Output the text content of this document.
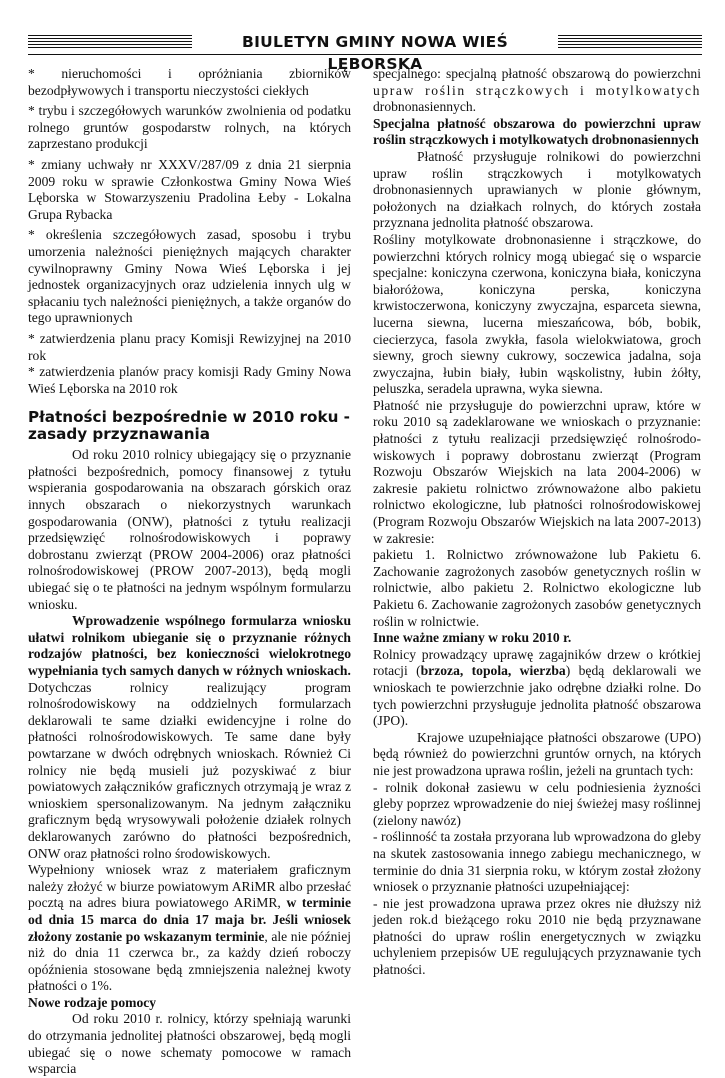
BIULETYN GMINY NOWA WIEŚ LĘBORSKA

* nieruchomości i opróżniania zbiorników bezodpływowych i transportu nieczystości ciekłych

* trybu i szczegółowych warunków zwolnienia od podatku rolnego gruntów gospodarstw rolnych, na których zaprzestano produkcji

* zmiany uchwały nr XXXV/287/09 z dnia 21 sierpnia 2009 roku w sprawie Członkostwa Gminy Nowa Wieś Lęborska w Stowarzyszeniu Pradolina Łeby - Lokalna Grupa Rybacka

* określenia szczegółowych zasad, sposobu i trybu umorzenia należności pieniężnych mających charakter cywilnoprawny Gminy Nowa Wieś Lęborska i jej jednostek organizacyjnych oraz udzielenia innych ulg w spłacaniu tych należności pieniężnych, a także organów do tego uprawnionych

* zatwierdzenia planu pracy Komisji Rewizyjnej na 2010 rok

* zatwierdzenia planów pracy komisji Rady Gminy Nowa Wieś Lęborska na 2010 rok

Płatności bezpośrednie w 2010 roku - zasady przyznawania

Od roku 2010 rolnicy ubiegający się o przyznanie płatności bezpośrednich, pomocy finansowej z tytułu wspierania gospodarowania na obszarach górskich oraz innych obszarach o niekorzystnych warunkach gospodarowania (ONW), płatności z tytułu realizacji przedsięwzięć rolnośrodowiskowych i poprawy dobrostanu zwierząt (PROW 2004-2006) oraz płatności rolnośrodowiskowej (PROW 2007-2013), będą mogli ubiegać się o te płatności na jednym wspólnym formularzu wniosku.

Wprowadzenie wspólnego formularza wniosku ułatwi rolnikom ubieganie się o przyznanie różnych rodzajów płatności, bez konieczności wielokrotnego wypełniania tych samych danych w różnych wnioskach.

Dotychczas rolnicy realizujący program rolnośrodowiskowy na oddzielnych formularzach deklarowali te same działki ewidencyjne i rolne do płatności rolnośrodowiskowych. Te same dane były powtarzane w dwóch odrębnych wnioskach. Również Ci rolnicy nie będą musieli już pozyskiwać z biur powiatowych załączników graficznych otrzymają je wraz z wnioskiem spersonalizowanym. Na jednym załączniku graficznym będą wrysowywali położenie działek rolnych deklarowanych zarówno do płatności bezpośrednich, ONW oraz płatności rolno środowiskowych.

Wypełniony wniosek wraz z materiałem graficznym należy złożyć w biurze powiatowym ARiMR albo przesłać pocztą na adres biura powiatowego ARiMR, w terminie od dnia 15 marca do dnia 17 maja br. Jeśli wniosek złożony zostanie po wskazanym terminie, ale nie później niż do dnia 11 czerwca br., za każdy dzień roboczy opóźnienia stosowane będą zmniejszenia należnej kwoty płatności o 1%.

Nowe rodzaje pomocy

Od roku 2010 r. rolnicy, którzy spełniają warunki do otrzymania jednolitej płatności obszarowej, będą mogli ubiegać się o nowe schematy pomocowe w ramach wsparcia

specjalnego: specjalną płatność obszarową do powierzchni upraw roślin strączkowych i motylkowatych drobnonasiennych.

Specjalna płatność obszarowa do powierzchni upraw roślin strączkowych i motylkowatych drobnonasiennych

Płatność przysługuje rolnikowi do powierzchni upraw roślin strączkowych i motylkowatych drobnonasiennych uprawianych w plonie głównym, położonych na działkach rolnych, do których została przyznana jednolita płatność obszarowa.

Rośliny motylkowate drobnonasienne i strączkowe, do powierzchni których rolnicy mogą ubiegać się o wsparcie specjalne: koniczyna czerwona, koniczyna biała, koniczyna białoróżowa, koniczyna perska, koniczyna krwistoczerwona, koniczyny zwyczajna, esparceta siewna, lucerna siewna, lucerna mieszańcowa, bób, bobik, ciecierzyca, fasola zwykła, fasola wielokwiatowa, groch siewny, groch siewny cukrowy, soczewica jadalna, soja zwyczajna, łubin biały, łubin wąskolistny, łubin żółty, peluszka, seradela uprawna, wyka siewna.

Płatność nie przysługuje do powierzchni upraw, które w roku 2010 są zadeklarowane we wnioskach o przyznanie: płatności z tytułu realizacji przedsięwzięć rolnośrodo-wiskowych i poprawy dobrostanu zwierząt (Program Rozwoju Obszarów Wiejskich na lata 2004-2006) w zakresie pakietu rolnictwo zrównoważone albo pakietu rolnictwo ekologiczne, lub płatności rolnośrodowiskowej (Program Rozwoju Obszarów Wiejskich na lata 2007-2013) w zakresie:

pakietu 1. Rolnictwo zrównoważone lub Pakietu 6. Zachowanie zagrożonych zasobów genetycznych roślin w rolnictwie, albo pakietu 2. Rolnictwo ekologiczne lub Pakietu 6. Zachowanie zagrożonych zasobów genetycznych roślin w rolnictwie.

Inne ważne zmiany w roku 2010 r.

Rolnicy prowadzący uprawę zagajników drzew o krótkiej rotacji (brzoza, topola, wierzba) będą deklarowali we wnioskach te powierzchnie jako odrębne działki rolne. Do tych powierzchni przysługuje jednolita płatność obszarowa (JPO).

Krajowe uzupełniające płatności obszarowe (UPO) będą również do powierzchni gruntów ornych, na których nie jest prowadzona uprawa roślin, jeżeli na gruntach tych:

- rolnik dokonał zasiewu w celu podniesienia żyzności gleby poprzez wprowadzenie do niej świeżej masy roślinnej (zielony nawóz)

- roślinność ta została przyorana lub wprowadzona do gleby na skutek zastosowania innego zabiegu mechanicznego, w terminie do dnia 31 sierpnia roku, w którym został złożony wniosek o przyznanie płatności uzupełniającej:

- nie jest prowadzona uprawa przez okres nie dłuższy niż jeden rok.d bieżącego roku 2010 nie będą przyznawane płatności do upraw roślin energetycznych w związku uchyleniem przepisów UE regulujących przyznawanie tych płatności.
